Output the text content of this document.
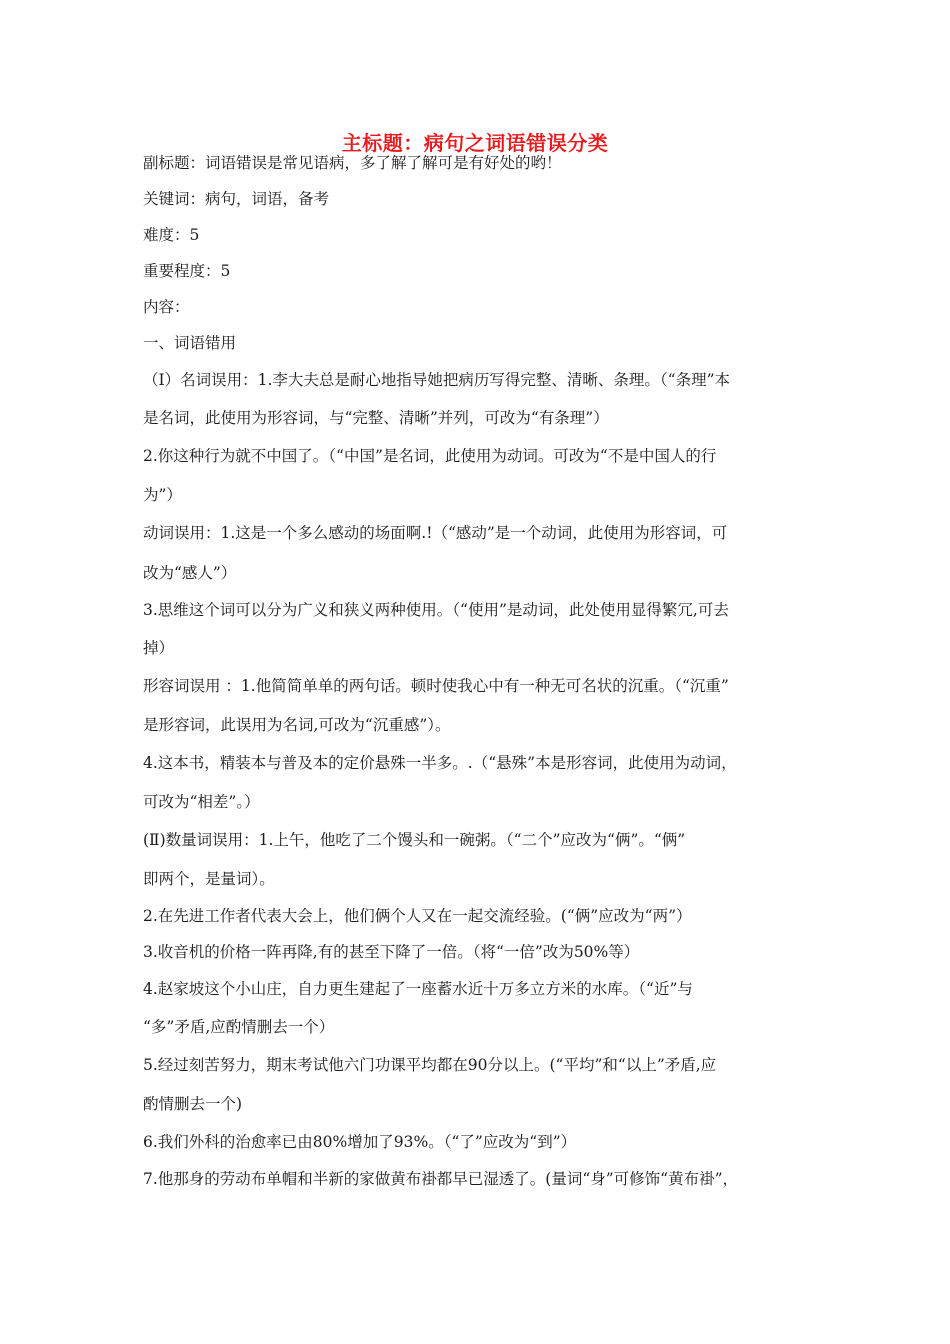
主标题：病句之词语错误分类
副标题：词语错误是常见语病，多了解了解可是有好处的哟！
关键词：病句，词语，备考
难度：5
重要程度：5
内容：
一、词语错用
（Ⅰ）名词误用：1.李大夫总是耐心地指导她把病历写得完整、清晰、条理。（“条理”本
是名词，此使用为形容词，与“完整、清晰”并列，可改为“有条理”）
2.你这种行为就不中国了。（“中国”是名词，此使用为动词。可改为“不是中国人的行
为”）
动词误用：1.这是一个多么感动的场面啊.!（“感动”是一个动词，此使用为形容词，可
改为“感人”）
3.思维这个词可以分为广义和狭义两种使用。（“使用”是动词，此处使用显得繁冗,可去
掉）
形容词误用 ：1.他简简单单的两句话。顿时使我心中有一种无可名状的沉重。（“沉重”
是形容词，此误用为名词,可改为“沉重感”）。
4.这本书，精装本与普及本的定价悬殊一半多。.（“悬殊”本是形容词，此使用为动词，
可改为“相差”。）
(Ⅱ)数量词误用：1.上午，他吃了二个馒头和一碗粥。（“二个”应改为“俩”。“俩”
即两个，是量词）。
2.在先进工作者代表大会上，他们俩个人又在一起交流经验。(“俩”应改为“两”）
3.收音机的价格一阵再降,有的甚至下降了一倍。（将“一倍”改为50%等）
4.赵家坡这个小山庄，自力更生建起了一座蓄水近十万多立方米的水库。（“近”与
“多”矛盾,应酌情删去一个）
5.经过刻苦努力，期末考试他六门功课平均都在90分以上。(“平均”和“以上”矛盾,应
酌情删去一个)
6.我们外科的治愈率已由80%增加了93%。（“了”应改为“到”）
7.他那身的劳动布单帽和半新的家做黄布褂都早已湿透了。(量词“身”可修饰“黄布褂”，
